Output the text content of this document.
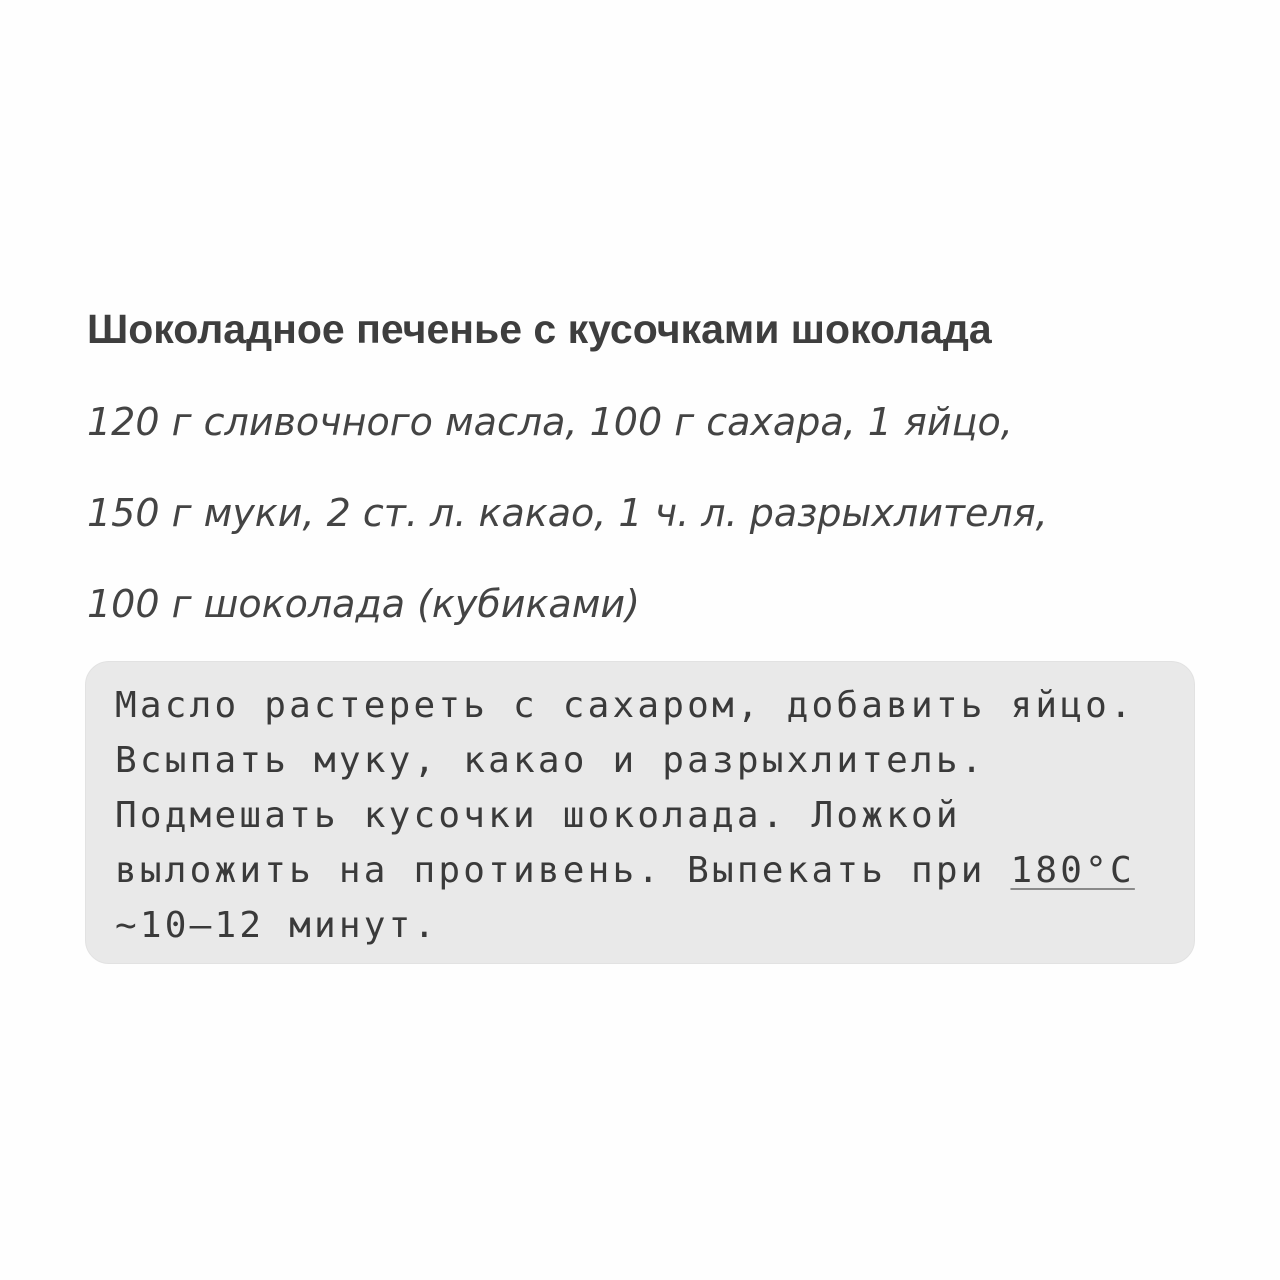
Шоколадное печенье с кусочками шоколада
120 г сливочного масла, 100 г сахара, 1 яйцо,
150 г муки, 2 ст. л. какао, 1 ч. л. разрыхлителя,
100 г шоколада (кубиками)
Масло растереть с сахаром, добавить яйцо.
Всыпать муку, какао и разрыхлитель.
Подмешать кусочки шоколада. Ложкой
выложить на противень. Выпекать при 180°C
~10—12 минут.
